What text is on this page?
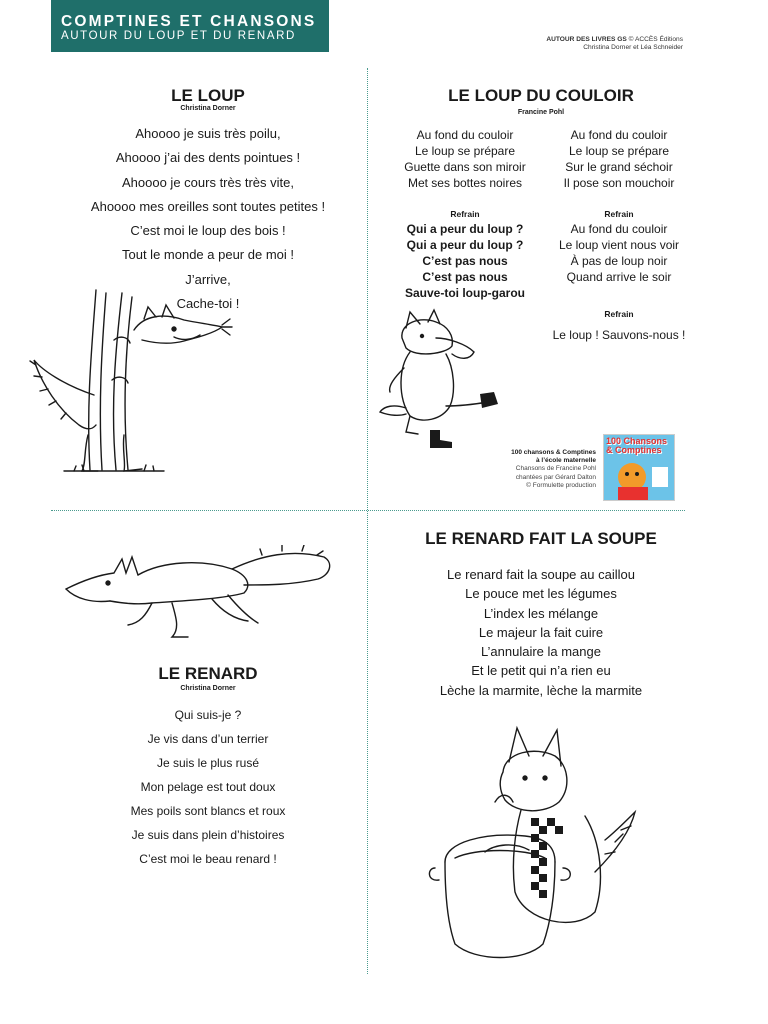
COMPTINES ET CHANSONS
AUTOUR DU LOUP ET DU RENARD	AUTOUR DES LIVRES GS © ACCÈS Éditions
Christina Dorner et Léa Schneider
LE LOUP
Christina Dorner
Ahoooo je suis très poilu,
Ahoooo j’ai des dents pointues !
Ahoooo je cours très très vite,
Ahoooo mes oreilles sont toutes petites !
C’est moi le loup des bois !
Tout le monde a peur de moi !
J’arrive,
Cache-toi !
LE LOUP DU COULOIR
Francine Pohl
Au fond du couloir
Le loup se prépare
Guette dans son miroir
Met ses bottes noires
Au fond du couloir
Le loup se prépare
Sur le grand séchoir
Il pose son mouchoir
Refrain
Qui a peur du loup ?
Qui a peur du loup ?
C’est pas nous
C’est pas nous
Sauve-toi loup-garou
Refrain
Au fond du couloir
Le loup vient nous voir
À pas de loup noir
Quand arrive le soir
Refrain
Le loup ! Sauvons-nous !
100 chansons & Comptines
à l’école maternelle
Chansons de Francine Pohl
chantées par Gérard Dalton
© Formulette production
100 Chansons
& Comptines
LE RENARD
Christina Dorner
Qui suis-je ?
Je vis dans d’un terrier
Je suis le plus rusé
Mon pelage est tout doux
Mes poils sont blancs et roux
Je suis dans plein d’histoires
C’est moi le beau renard !
LE RENARD FAIT LA SOUPE
Le renard fait la soupe au caillou
Le pouce met les légumes
L’index les mélange
Le majeur la fait cuire
L’annulaire la mange
Et le petit qui n’a rien eu
Lèche la marmite, lèche la marmite
